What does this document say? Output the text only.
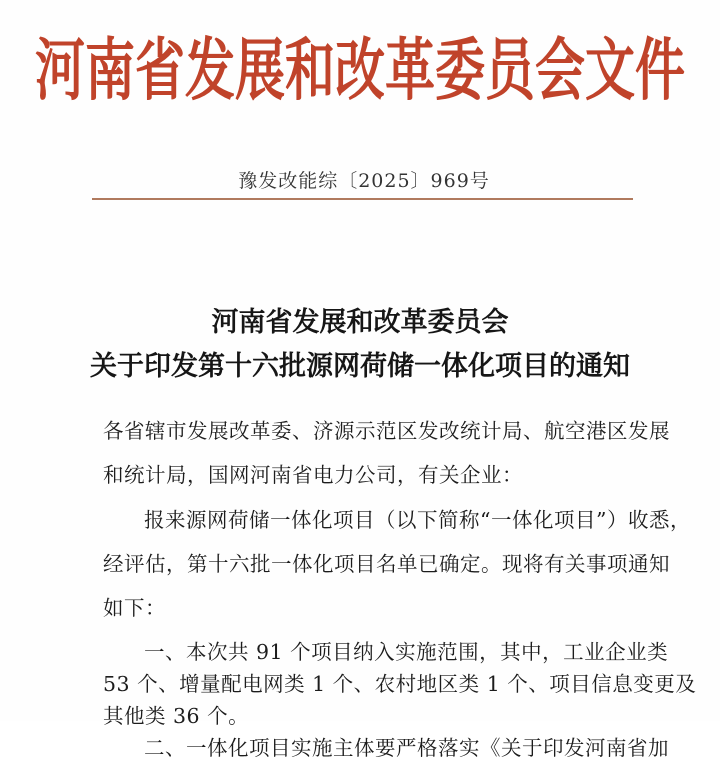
河南省发展和改革委员会文件
豫发改能综〔2025〕969号
河南省发展和改革委员会
关于印发第十六批源网荷储一体化项目的通知
各省辖市发展改革委、济源示范区发改统计局、航空港区发展
和统计局，国网河南省电力公司，有关企业：
报来源网荷储一体化项目（以下简称“一体化项目”）收悉，
经评估，第十六批一体化项目名单已确定。现将有关事项通知
如下：
一、本次共 91 个项目纳入实施范围，其中，工业企业类
53 个、增量配电网类 1 个、农村地区类 1 个、项目信息变更及
其他类 36 个。
二、一体化项目实施主体要严格落实《关于印发河南省加
